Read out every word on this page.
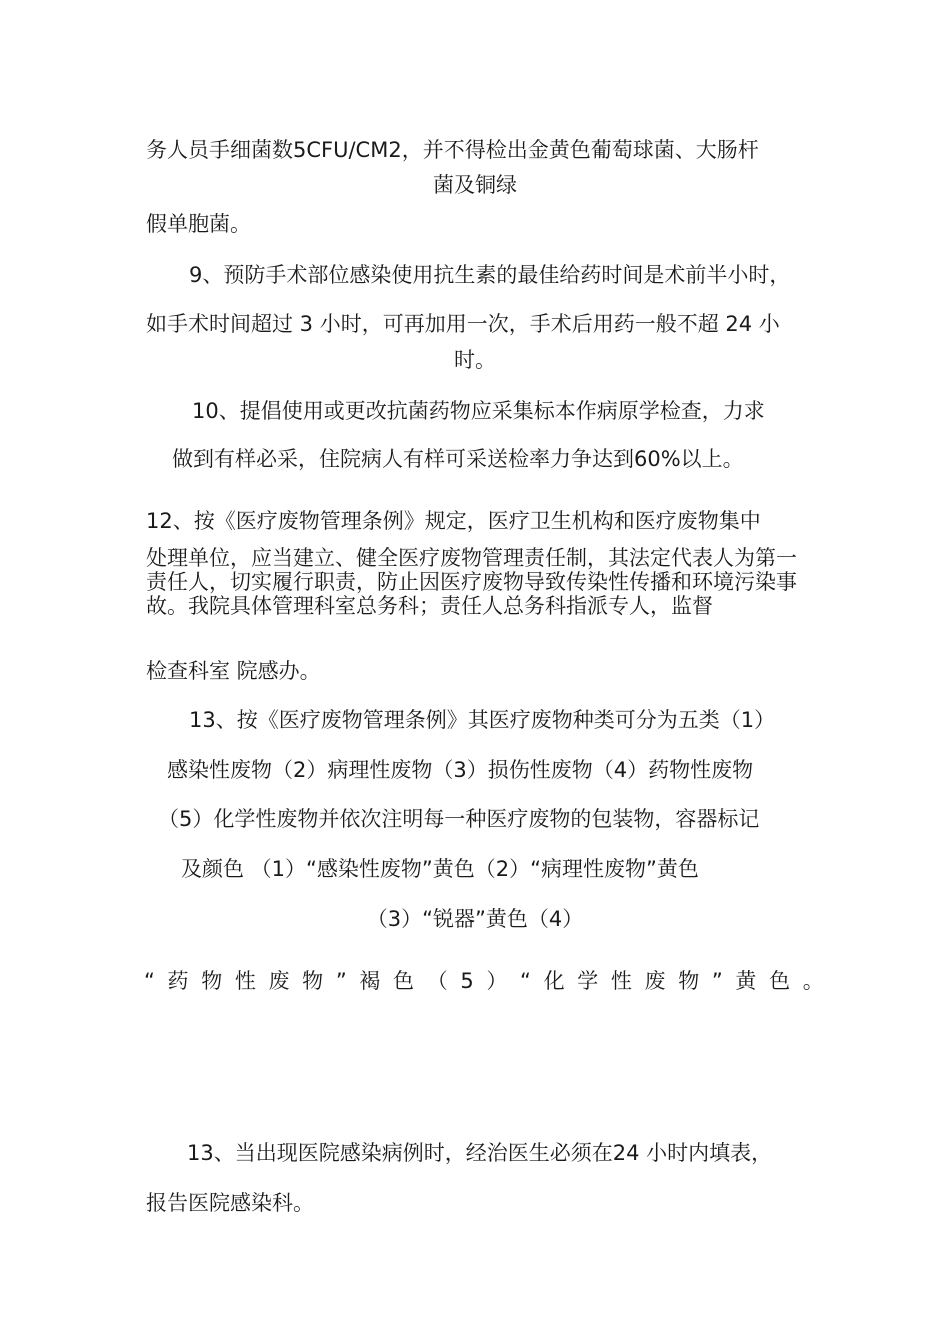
务人员手细菌数5CFU/CM2，并不得检出金黄色葡萄球菌、大肠杆

菌及铜绿

假单胞菌。

9、预防手术部位感染使用抗生素的最佳给药时间是术前半小时，

如手术时间超过 3 小时，可再加用一次，手术后用药一般不超 24 小

时。

10、提倡使用或更改抗菌药物应采集标本作病原学检查，力求

做到有样必采，住院病人有样可采送检率力争达到60%以上。

12、按《医疗废物管理条例》规定，医疗卫生机构和医疗废物集中

处理单位，应当建立、健全医疗废物管理责任制，其法定代表人为第一责任人，切实履行职责，防止因医疗废物导致传染性传播和环境污染事故。我院具体管理科室总务科；责任人总务科指派专人，监督

检查科室 院感办。

13、按《医疗废物管理条例》其医疗废物种类可分为五类（1）

感染性废物（2）病理性废物（3）损伤性废物（4）药物性废物

（5）化学性废物并依次注明每一种医疗废物的包装物，容器标记

及颜色 （1）“感染性废物”黄色（2）“病理性废物”黄色

（3）“锐器”黄色（4）

“ 药 物 性 废 物 ” 褐 色 （ 5 ） “ 化 学 性 废 物 ” 黄 色 。

13、当出现医院感染病例时，经治医生必须在24 小时内填表，

报告医院感染科。
